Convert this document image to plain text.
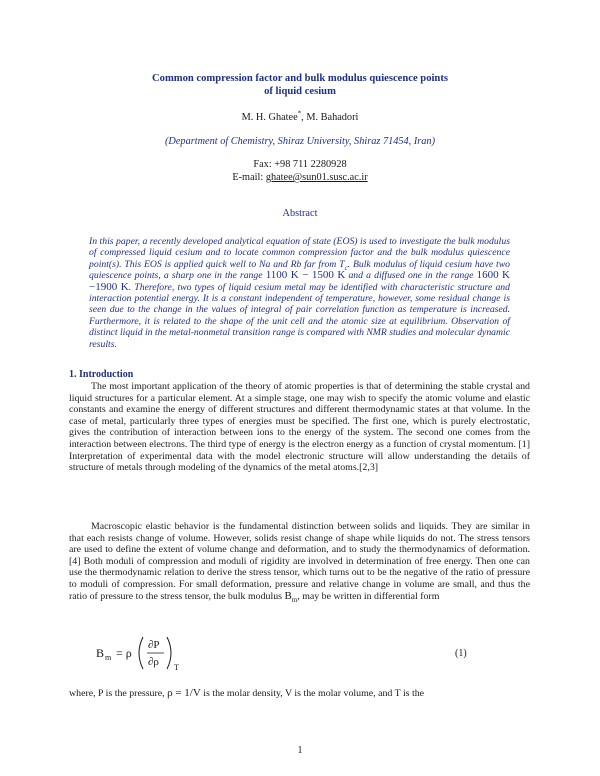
Common compression factor and bulk modulus quiescence points
of liquid cesium
M. H. Ghatee*, M. Bahadori
(Department of Chemistry, Shiraz University, Shiraz 71454, Iran)
Fax: +98 711 2280928
E-mail: ghatee@sun01.susc.ac.ir
Abstract
In this paper, a recently developed analytical equation of state (EOS) is used to investigate the bulk modulus of compressed liquid cesium and to locate common compression factor and the bulk modulus quiescence point(s). This EOS is applied quick well to Na and Rb far from $T_c$. Bulk modulus of liquid cesium have two quiescence points, a sharp one in the range 1100 K − 1500 K and a diffused one in the range 1600 K −1900 K. Therefore, two types of liquid cesium metal may be identified with characteristic structure and interaction potential energy. It is a constant independent of temperature, however, some residual change is seen due to the change in the values of integral of pair correlation function as temperature is increased. Furthermore, it is related to the shape of the unit cell and the atomic size at equilibrium. Observation of distinct liquid in the metal-nonmetal transition range is compared with NMR studies and molecular dynamic results.
1. Introduction
The most important application of the theory of atomic properties is that of determining the stable crystal and liquid structures for a particular element. At a simple stage, one may wish to specify the atomic volume and elastic constants and examine the energy of different structures and different thermodynamic states at that volume. In the case of metal, particularly three types of energies must be specified. The first one, which is purely electrostatic, gives the contribution of interaction between ions to the energy of the system. The second one comes from the interaction between electrons. The third type of energy is the electron energy as a function of crystal momentum. [1] Interpretation of experimental data with the model electronic structure will allow understanding the details of structure of metals through modeling of the dynamics of the metal atoms.[2,3]
Macroscopic elastic behavior is the fundamental distinction between solids and liquids. They are similar in that each resists change of volume. However, solids resist change of shape while liquids do not. The stress tensors are used to define the extent of volume change and deformation, and to study the thermodynamics of deformation.[4] Both moduli of compression and moduli of rigidity are involved in determination of free energy. Then one can use the thermodynamic relation to derive the stress tensor, which turns out to be the negative of the ratio of pressure to moduli of compression. For small deformation, pressure and relative change in volume are small, and thus the ratio of pressure to the stress tensor, the bulk modulus $B_m$, may be written in differential form
B m = ρ
∂P
∂ρ T
(1)
where, P is the pressure, ρ = 1/V is the molar density, V is the molar volume, and T is the
1
